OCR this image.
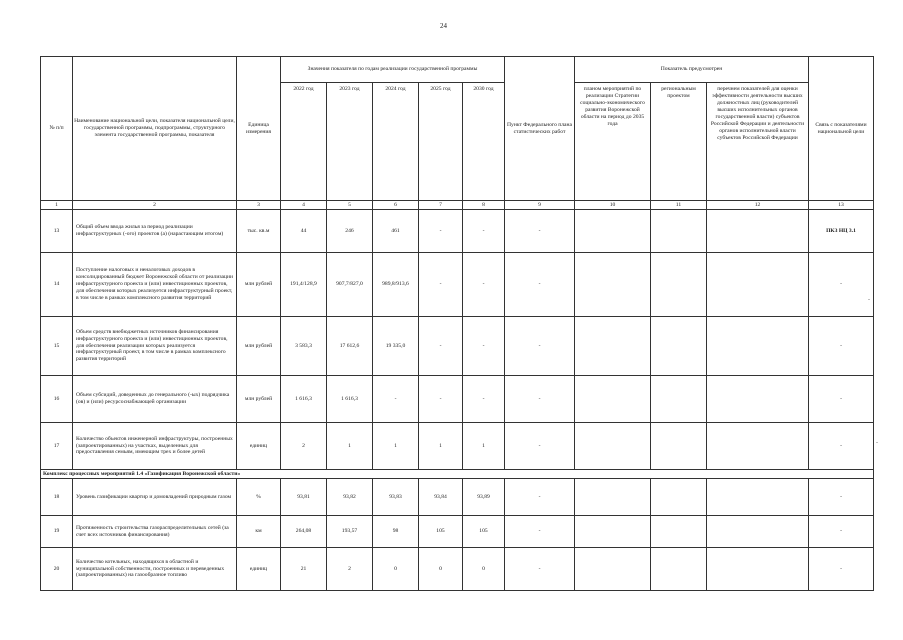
24
№ п/п	Наименование национальной цели, показателя национальной цели, государственной программы, подпрограммы, структурного элемента государственной программы, показателя	Единица измерения	Значения показателя по годам реализации государственной программы					Пункт Федерального плана статистических работ	Показатель предусмотрен			Связь с показателями национальной цели
			2022 год	2023 год	2024 год	2025 год	2030 год		планом мероприятий по реализации Стратегии социально-экономического развития Воронежской области на период до 2035 года	региональным проектом	перечнем показателей для оценки эффективности деятельности высших должностных лиц (руководителей высших исполнительных органов государственной власти) субъектов Российской Федерации и деятельности органов исполнительной власти субъектов Российской Федерации	
1	2	3	4	5	6	7	8	9	10	11	12	13
13	Общий объем ввода жилья за период реализации инфраструктурных (-ого) проектов (а) (нарастающим итогом)	тыс. кв.м	44	246	461	-	-	-				ПКЗ НЦ 3.1
14	Поступление налоговых и неналоговых доходов в консолидированный бюджет Воронежской области от реализации инфраструктурного проекта и (или) инвестиционных проектов, для обеспечения которых реализуется инфраструктурный проект, в том числе в рамках комплексного развития территорий	млн рублей	191,4/128,9	907,7/827,0	989,8/913,6	-	-	-				-
15	Объем средств внебюджетных источников финансирования инфраструктурного проекта и (или) инвестиционных проектов, для обеспечения реализации которых реализуется инфраструктурный проект, в том числе в рамках комплексного развития территорий	млн рублей	3 583,3	17 612,6	19 335,0	-	-	-				-
16	Объем субсидий, доведенных до генерального (-ых) подрядчика (ов) и (или) ресурсоснабжающей организации	млн рублей	1 616,3	1 616,3	-	-	-	-				-
17	Количество объектов инженерной инфраструктуры, построенных (запроектированных) на участках, выделенных для предоставления семьям, имеющим трех и более детей	единиц	2	1	1	1	1	-				-
Комплекс процессных мероприятий 1.4 «Газификация Воронежской области»												
18	Уровень газификации квартир и домовладений природным газом	%	93,81	93,82	93,83	93,84	93,89	-				-
19	Протяженность строительства газораспределительных сетей (за счет всех источников финансирования)	км	264,08	193,57	98	105	105	-				-
20	Количество котельных, находящихся в областной и муниципальной собственности, построенных и переведенных (запроектированных) на газообразное топливо	единиц	21	2	0	0	0	-				-
-
-
